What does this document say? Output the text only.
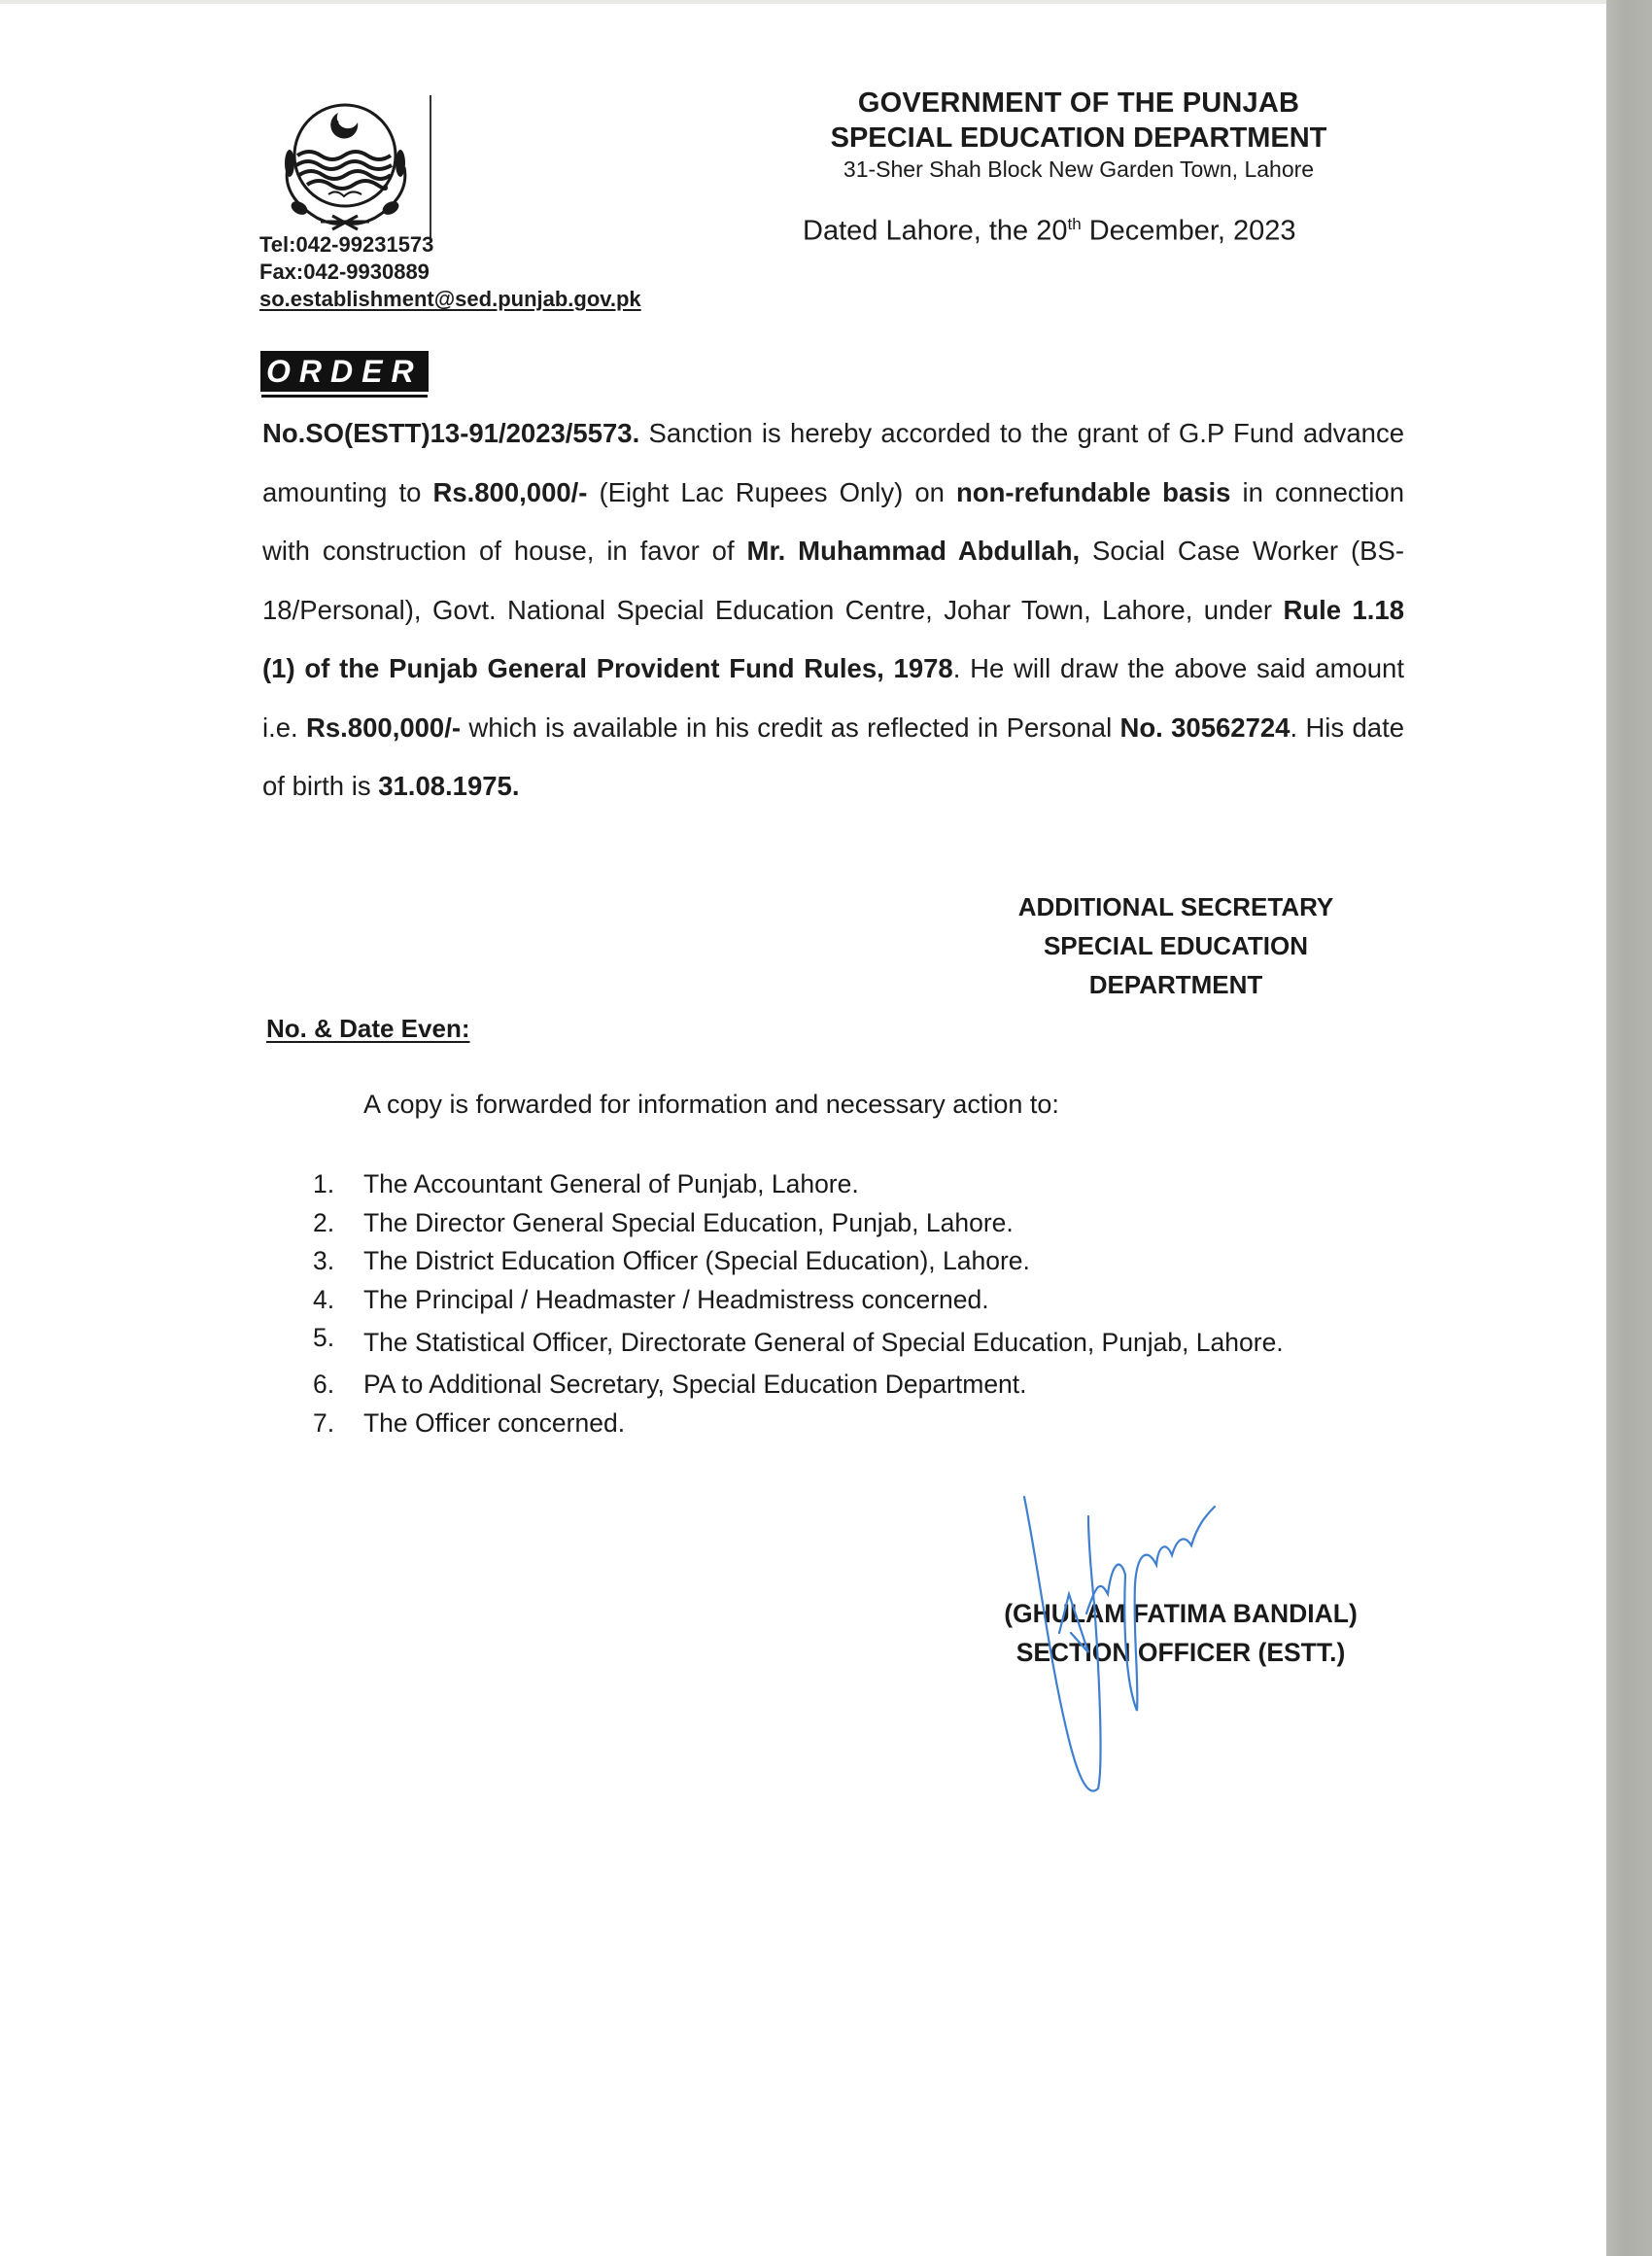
Tel:042-99231573
Fax:042-9930889
so.establishment@sed.punjab.gov.pk
GOVERNMENT OF THE PUNJAB
SPECIAL EDUCATION DEPARTMENT
31-Sher Shah Block New Garden Town, Lahore
Dated Lahore, the 20th December, 2023
ORDER
No.SO(ESTT)13-91/2023/5573. Sanction is hereby accorded to the grant of G.P Fund advance amounting to Rs.800,000/- (Eight Lac Rupees Only) on non-refundable basis in connection with construction of house, in favor of Mr. Muhammad Abdullah, Social Case Worker (BS-18/Personal), Govt. National Special Education Centre, Johar Town, Lahore, under Rule 1.18 (1) of the Punjab General Provident Fund Rules, 1978. He will draw the above said amount i.e. Rs.800,000/- which is available in his credit as reflected in Personal No. 30562724. His date of birth is 31.08.1975.
ADDITIONAL SECRETARY
SPECIAL EDUCATION
DEPARTMENT
No. & Date Even:
A copy is forwarded for information and necessary action to:
1.	The Accountant General of Punjab, Lahore.
2.	The Director General Special Education, Punjab, Lahore.
3.	The District Education Officer (Special Education), Lahore.
4.	The Principal / Headmaster / Headmistress concerned.
5.	The Statistical Officer, Directorate General of Special Education, Punjab, Lahore.
6.	PA to Additional Secretary, Special Education Department.
7.	The Officer concerned.
(GHULAM FATIMA BANDIAL)
SECTION OFFICER (ESTT.)
